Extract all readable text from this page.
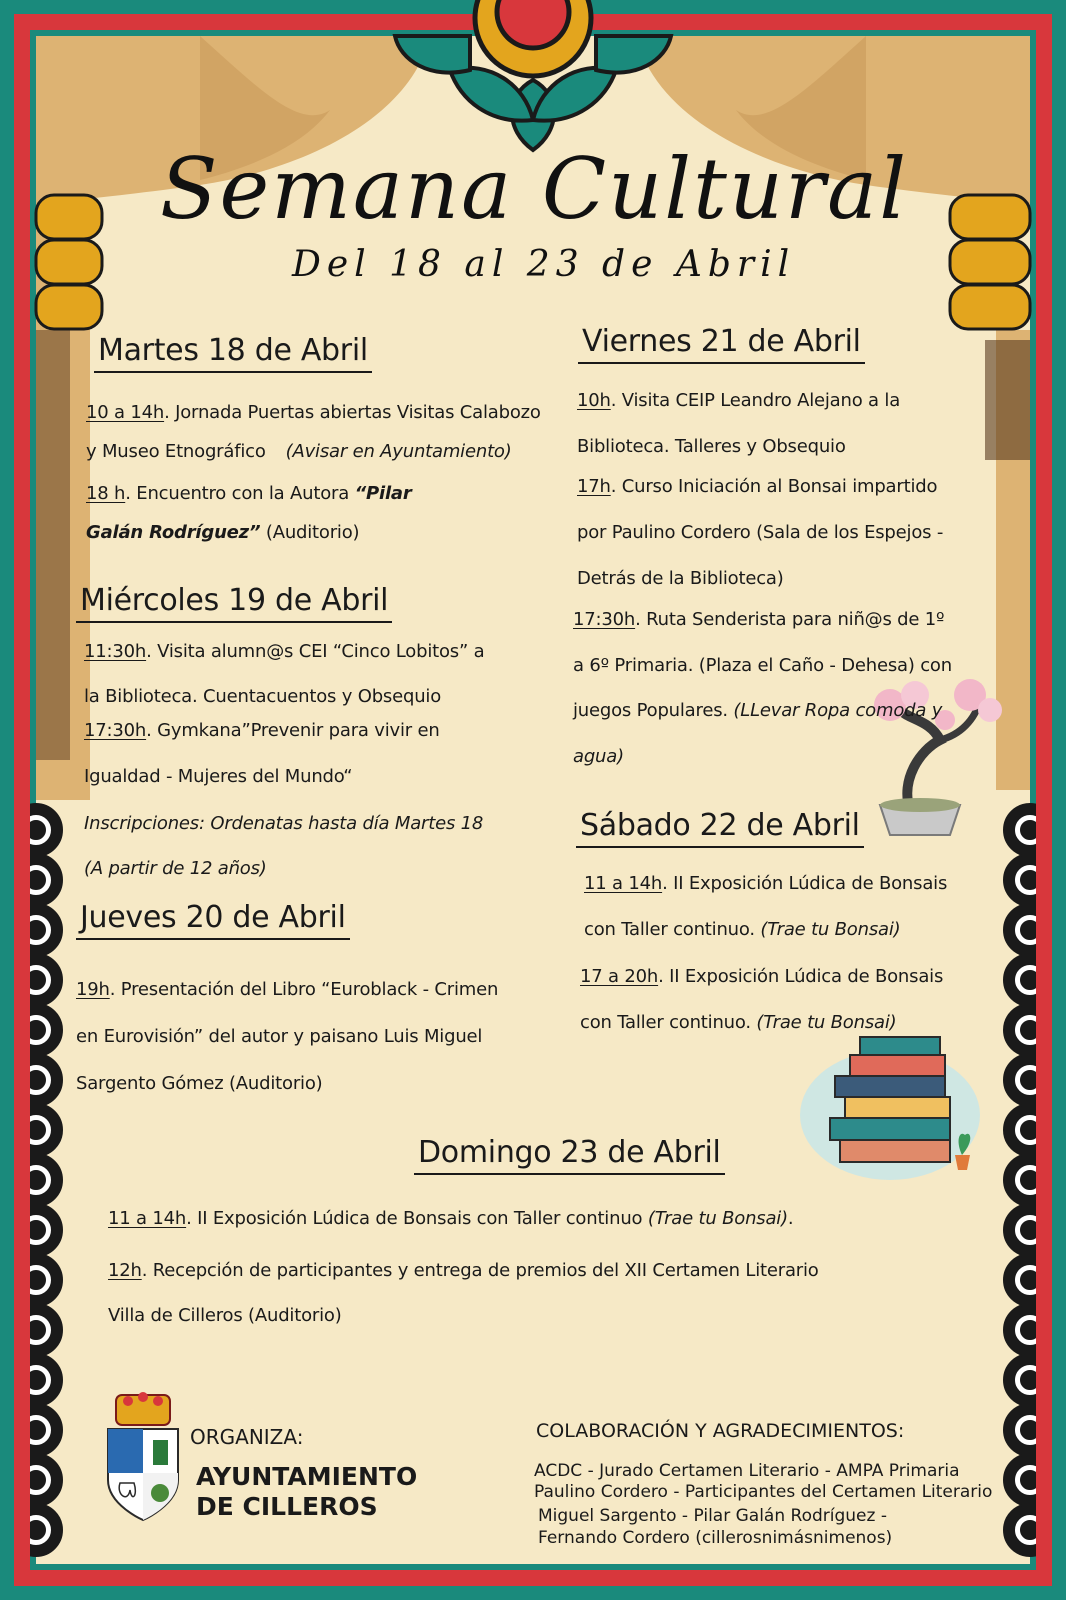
Semana Cultural

Del 18 al 23 de Abril

Martes 18 de Abril

10 a 14h. Jornada Puertas abiertas Visitas Calabozo

y Museo Etnográfico (Avisar en Ayuntamiento)

18 h. Encuentro con la Autora “Pilar

Galán Rodríguez” (Auditorio)

Miércoles 19 de Abril

11:30h. Visita alumn@s CEI “Cinco Lobitos” a

la Biblioteca. Cuentacuentos y Obsequio

17:30h. Gymkana”Prevenir para vivir en

Igualdad - Mujeres del Mundo“

Inscripciones: Ordenatas hasta día Martes 18

(A partir de 12 años)

Jueves 20 de Abril

19h. Presentación del Libro “Euroblack - Crimen

en Eurovisión” del autor y paisano Luis Miguel

Sargento Gómez (Auditorio)

Viernes 21 de Abril

10h. Visita CEIP Leandro Alejano a la

Biblioteca. Talleres y Obsequio

17h. Curso Iniciación al Bonsai impartido

por Paulino Cordero (Sala de los Espejos -

Detrás de la Biblioteca)

17:30h. Ruta Senderista para niñ@s de 1º

a 6º Primaria. (Plaza el Caño - Dehesa) con

juegos Populares. (LLevar Ropa comoda y

agua)

Sábado 22 de Abril

11 a 14h. II Exposición Lúdica de Bonsais

con Taller continuo. (Trae tu Bonsai)

17 a 20h. II Exposición Lúdica de Bonsais

con Taller continuo. (Trae tu Bonsai)

Domingo 23 de Abril

11 a 14h. II Exposición Lúdica de Bonsais con Taller continuo (Trae tu Bonsai).

12h. Recepción de participantes y entrega de premios del XII Certamen Literario

Villa de Cilleros (Auditorio)

ORGANIZA:

AYUNTAMIENTO

DE CILLEROS

COLABORACIÓN Y AGRADECIMIENTOS:

ACDC - Jurado Certamen Literario - AMPA Primaria

Paulino Cordero - Participantes del Certamen Literario

Miguel Sargento - Pilar Galán Rodríguez -

Fernando Cordero (cillerosnimásnimenos)
